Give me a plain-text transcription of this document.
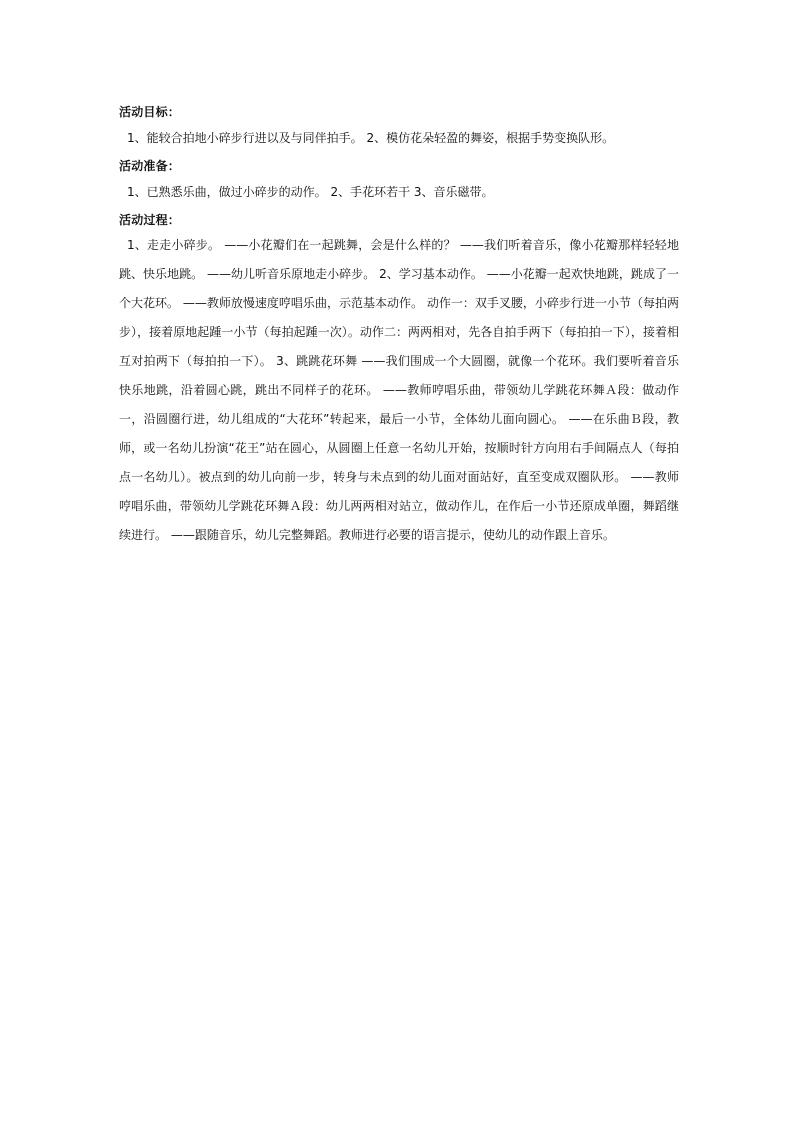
活动目标：

1、能较合拍地小碎步行进以及与同伴拍手。 2、模仿花朵轻盈的舞姿，根据手势变换队形。

活动准备：

1、已熟悉乐曲，做过小碎步的动作。 2、手花环若干 3、音乐磁带。

活动过程：

1、走走小碎步。 ——小花瓣们在一起跳舞，会是什么样的？ ——我们听着音乐，像小花瓣那样轻轻地跳、快乐地跳。 ——幼儿听音乐原地走小碎步。 2、学习基本动作。 ——小花瓣一起欢快地跳，跳成了一个大花环。 ——教师放慢速度哼唱乐曲，示范基本动作。 动作一：双手叉腰，小碎步行进一小节（每拍两步），接着原地起踵一小节（每拍起踵一次）。动作二：两两相对，先各自拍手两下（每拍拍一下），接着相互对拍两下（每拍拍一下）。 3、跳跳花环舞 ——我们围成一个大圆圈，就像一个花环。我们要听着音乐快乐地跳，沿着圆心跳，跳出不同样子的花环。 ——教师哼唱乐曲，带领幼儿学跳花环舞Ａ段：做动作一，沿圆圈行进，幼儿组成的“大花环”转起来，最后一小节，全体幼儿面向圆心。 ——在乐曲Ｂ段，教师，或一名幼儿扮演“花王”站在圆心，从圆圈上任意一名幼儿开始，按顺时针方向用右手间隔点人（每拍点一名幼儿）。被点到的幼儿向前一步，转身与未点到的幼儿面对面站好，直至变成双圈队形。 ——教师哼唱乐曲，带领幼儿学跳花环舞Ａ段：幼儿两两相对站立，做动作儿，在作后一小节还原成单圈，舞蹈继续进行。 ——跟随音乐，幼儿完整舞蹈。教师进行必要的语言提示，使幼儿的动作跟上音乐。
